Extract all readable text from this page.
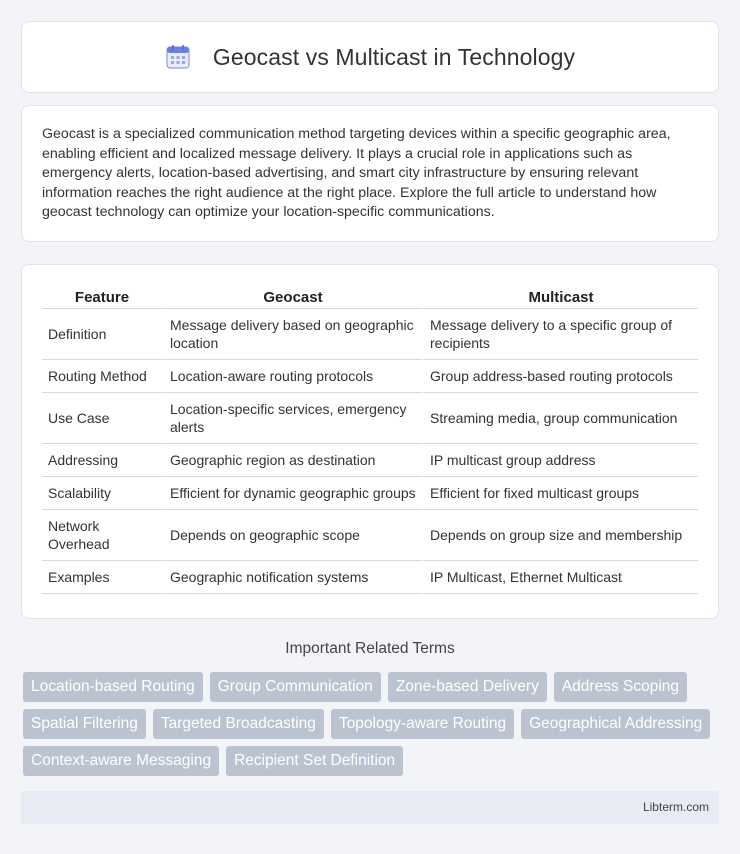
Geocast vs Multicast in Technology

Geocast is a specialized communication method targeting devices within a specific geographic area, enabling efficient and localized message delivery. It plays a crucial role in applications such as emergency alerts, location-based advertising, and smart city infrastructure by ensuring relevant information reaches the right audience at the right place. Explore the full article to understand how geocast technology can optimize your location-specific communications.

Feature	Geocast	Multicast
Definition	Message delivery based on geographic location	Message delivery to a specific group of recipients
Routing Method	Location-aware routing protocols	Group address-based routing protocols
Use Case	Location-specific services, emergency alerts	Streaming media, group communication
Addressing	Geographic region as destination	IP multicast group address
Scalability	Efficient for dynamic geographic groups	Efficient for fixed multicast groups
Network Overhead	Depends on geographic scope	Depends on group size and membership
Examples	Geographic notification systems	IP Multicast, Ethernet Multicast
Important Related Terms
Location-based Routing	Group Communication	Zone-based Delivery	Address Scoping
Spatial Filtering	Targeted Broadcasting	Topology-aware Routing	Geographical Addressing
Context-aware Messaging	Recipient Set Definition
Libterm.com
